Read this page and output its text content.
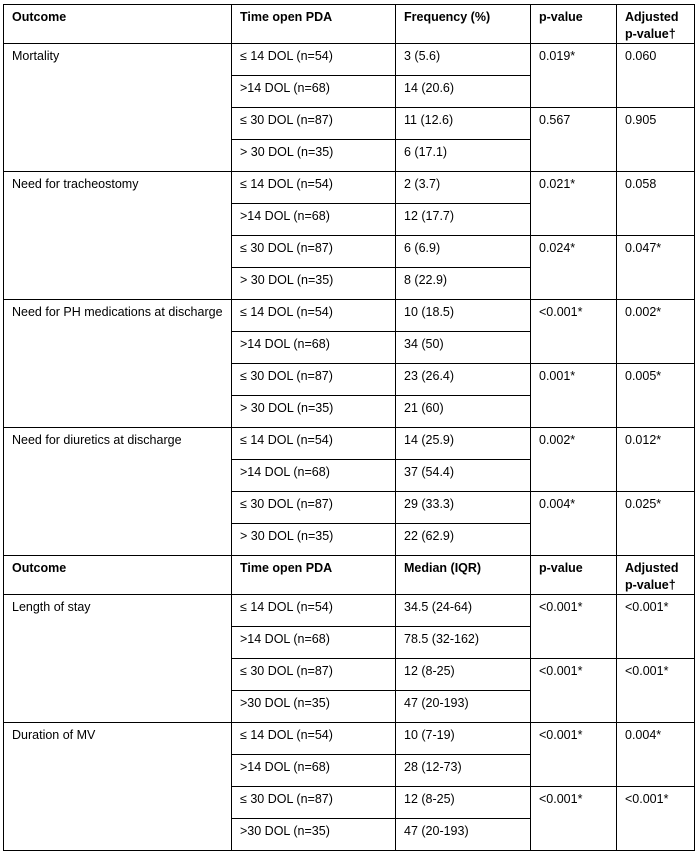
Outcome	Time open PDA	Frequency (%)	p-value	Adjusted p-value†
Mortality	≤ 14 DOL (n=54)	3 (5.6)	0.019*	0.060
	>14 DOL (n=68)	14 (20.6)		
	≤ 30 DOL (n=87)	11 (12.6)	0.567	0.905
	> 30 DOL (n=35)	6 (17.1)		
Need for tracheostomy	≤ 14 DOL (n=54)	2 (3.7)	0.021*	0.058
	>14 DOL (n=68)	12 (17.7)		
	≤ 30 DOL (n=87)	6 (6.9)	0.024*	0.047*
	> 30 DOL (n=35)	8 (22.9)		
Need for PH medications at discharge	≤ 14 DOL (n=54)	10 (18.5)	<0.001*	0.002*
	>14 DOL (n=68)	34 (50)		
	≤ 30 DOL (n=87)	23 (26.4)	0.001*	0.005*
	> 30 DOL (n=35)	21 (60)		
Need for diuretics at discharge	≤ 14 DOL (n=54)	14 (25.9)	0.002*	0.012*
	>14 DOL (n=68)	37 (54.4)		
	≤ 30 DOL (n=87)	29 (33.3)	0.004*	0.025*
	> 30 DOL (n=35)	22 (62.9)		
Outcome	Time open PDA	Median (IQR)	p-value	Adjusted p-value†
Length of stay	≤ 14 DOL (n=54)	34.5 (24-64)	<0.001*	<0.001*
	>14 DOL (n=68)	78.5 (32-162)		
	≤ 30 DOL (n=87)	12 (8-25)	<0.001*	<0.001*
	>30 DOL (n=35)	47 (20-193)		
Duration of MV	≤ 14 DOL (n=54)	10 (7-19)	<0.001*	0.004*
	>14 DOL (n=68)	28 (12-73)		
	≤ 30 DOL (n=87)	12 (8-25)	<0.001*	<0.001*
	>30 DOL (n=35)	47 (20-193)		
